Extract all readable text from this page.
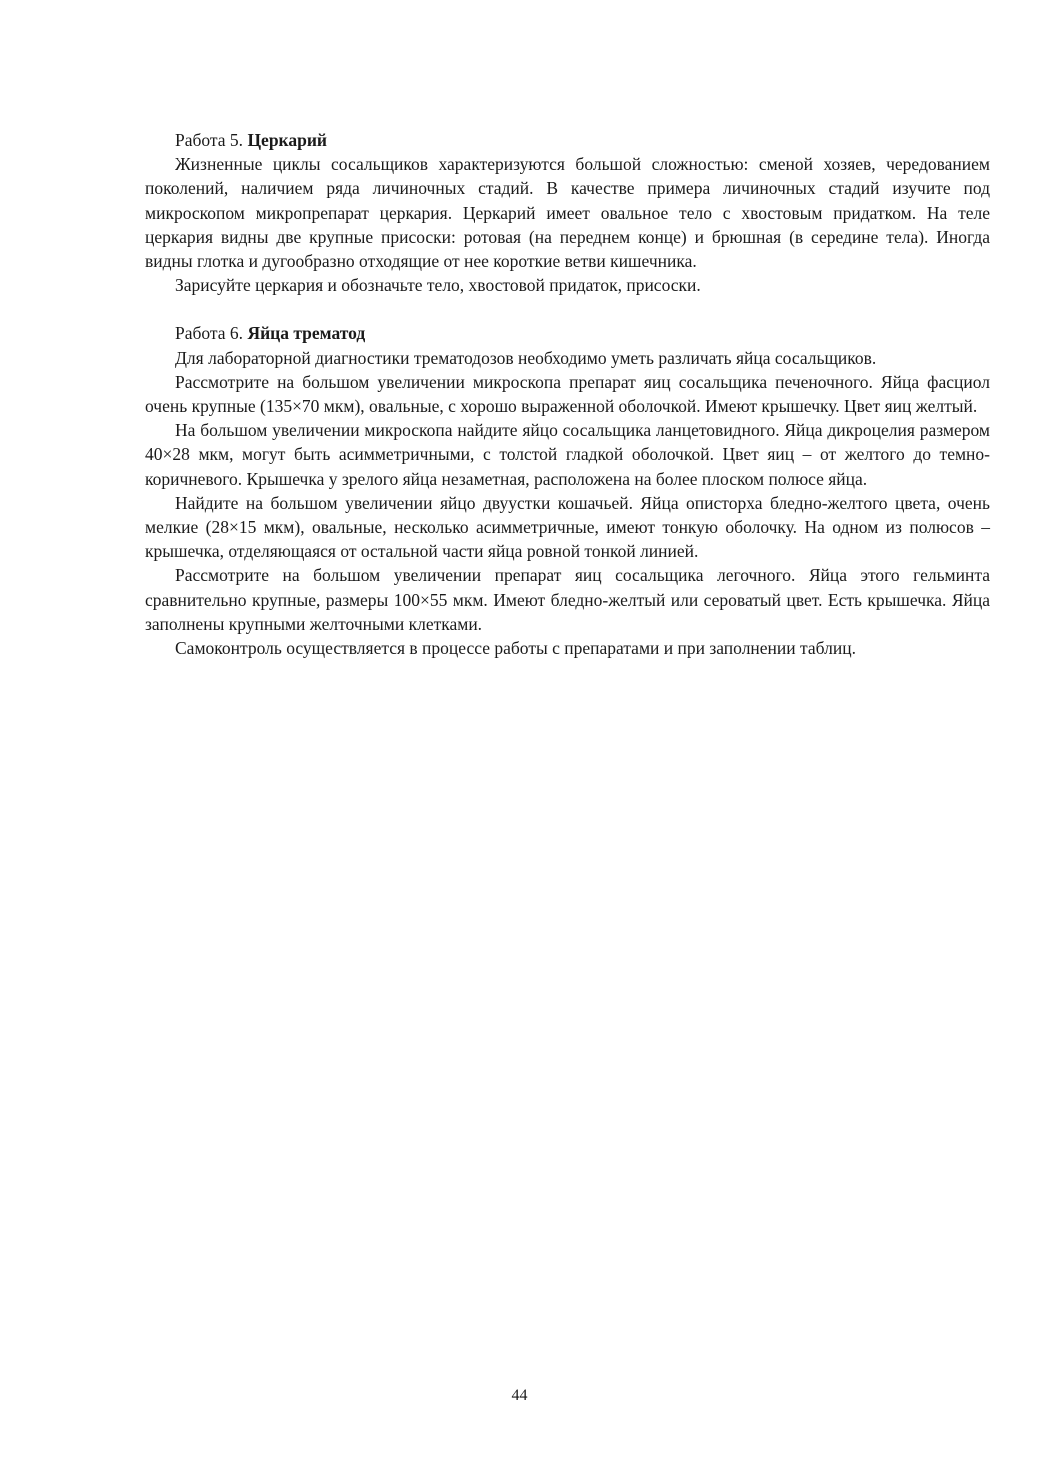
Работа 5. Церкарий

Жизненные циклы сосальщиков характеризуются большой сложностью: сменой хозяев, чередованием поколений, наличием ряда личиночных стадий. В качестве примера личиночных стадий изучите под микроскопом микропрепарат церкария. Церкарий имеет овальное тело с хвостовым придатком. На теле церкария видны две крупные присоски: ротовая (на переднем конце) и брюшная (в середине тела). Иногда видны глотка и дугообразно отходящие от нее короткие ветви кишечника.

Зарисуйте церкария и обозначьте тело, хвостовой придаток, присоски.

Работа 6. Яйца трематод

Для лабораторной диагностики трематодозов необходимо уметь различать яйца сосальщиков.

Рассмотрите на большом увеличении микроскопа препарат яиц сосальщика печеночного. Яйца фасциол очень крупные (135×70 мкм), овальные, с хорошо выраженной оболочкой. Имеют крышечку. Цвет яиц желтый.

На большом увеличении микроскопа найдите яйцо сосальщика ланцетовидного. Яйца дикроцелия размером 40×28 мкм, могут быть асимметричными, с толстой гладкой оболочкой. Цвет яиц – от желтого до темно-коричневого. Крышечка у зрелого яйца незаметная, расположена на более плоском полюсе яйца.

Найдите на большом увеличении яйцо двуустки кошачьей. Яйца описторха бледно-желтого цвета, очень мелкие (28×15 мкм), овальные, несколько асимметричные, имеют тонкую оболочку. На одном из полюсов – крышечка, отделяющаяся от остальной части яйца ровной тонкой линией.

Рассмотрите на большом увеличении препарат яиц сосальщика легочного. Яйца этого гельминта сравнительно крупные, размеры 100×55 мкм. Имеют бледно-желтый или сероватый цвет. Есть крышечка. Яйца заполнены крупными желточными клетками.

Самоконтроль осуществляется в процессе работы с препаратами и при заполнении таблиц.

44
